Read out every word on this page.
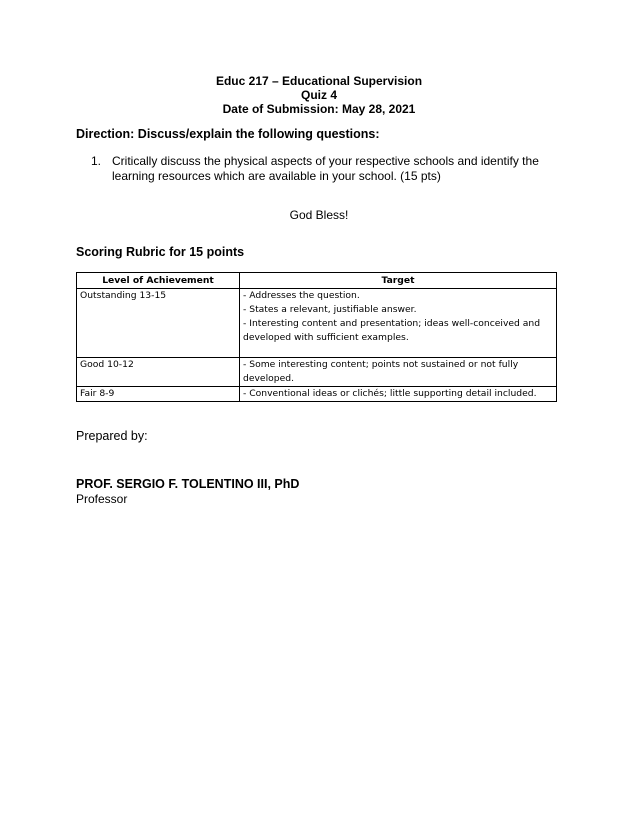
Educ 217 – Educational Supervision
Quiz 4
Date of Submission: May 28, 2021
Direction: Discuss/explain the following questions:
1. Critically discuss the physical aspects of your respective schools and identify the learning resources which are available in your school. (15 pts)
God Bless!
Scoring Rubric for 15 points
Level of Achievement	Target
Outstanding 13-15	- Addresses the question.
- States a relevant, justifiable answer.
- Interesting content and presentation; ideas well-conceived and developed with sufficient examples.

Good 10-12	- Some interesting content; points not sustained or not fully developed.

Fair 8-9	- Conventional ideas or clichés; little supporting detail included.
Prepared by:
PROF. SERGIO F. TOLENTINO III, PhD
Professor
